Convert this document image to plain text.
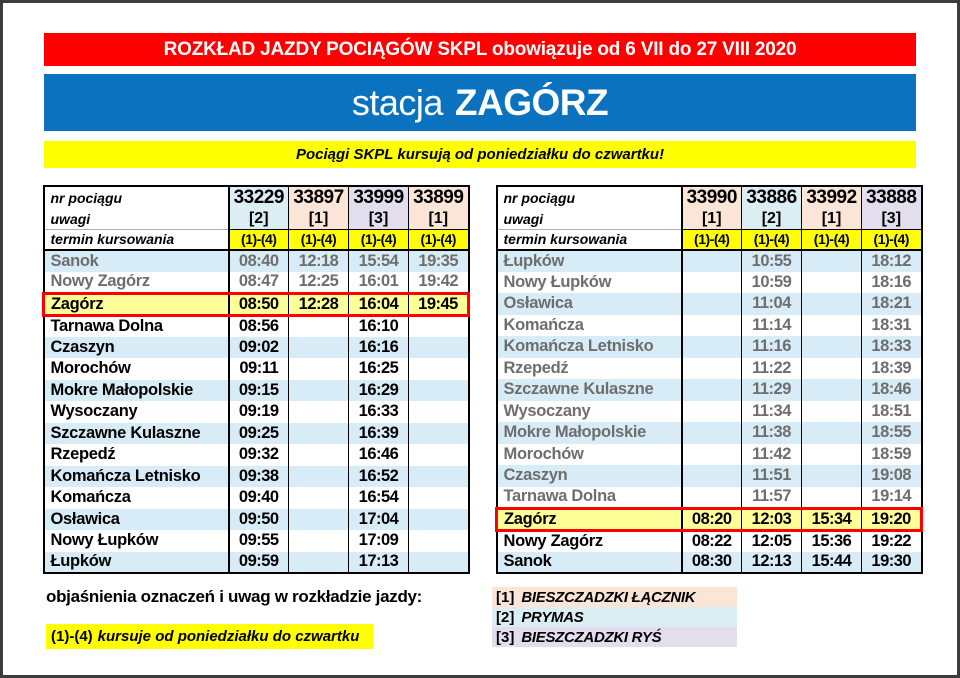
ROZKŁAD JAZDY POCIĄGÓW SKPL obowiązuje od 6 VII do 27 VIII 2020
stacja ZAGÓRZ
Pociągi SKPL kursują od poniedziałku do czwartku!
nr pociągu	33229	33897	33999	33899
uwagi	[2]	[1]	[3]	[1]
termin kursowania	(1)-(4)	(1)-(4)	(1)-(4)	(1)-(4)
Sanok	08:40	12:18	15:54	19:35
Nowy Zagórz	08:47	12:25	16:01	19:42
Zagórz	08:50	12:28	16:04	19:45
Tarnawa Dolna	08:56		16:10	
Czaszyn	09:02		16:16	
Morochów	09:11		16:25	
Mokre Małopolskie	09:15		16:29	
Wysoczany	09:19		16:33	
Szczawne Kulaszne	09:25		16:39	
Rzepedź	09:32		16:46	
Komańcza Letnisko	09:38		16:52	
Komańcza	09:40		16:54	
Osławica	09:50		17:04	
Nowy Łupków	09:55		17:09	
Łupków	09:59		17:13	
nr pociągu	33990	33886	33992	33888
uwagi	[1]	[2]	[1]	[3]
termin kursowania	(1)-(4)	(1)-(4)	(1)-(4)	(1)-(4)
Łupków		10:55		18:12
Nowy Łupków		10:59		18:16
Osławica		11:04		18:21
Komańcza		11:14		18:31
Komańcza Letnisko		11:16		18:33
Rzepedź		11:22		18:39
Szczawne Kulaszne		11:29		18:46
Wysoczany		11:34		18:51
Mokre Małopolskie		11:38		18:55
Morochów		11:42		18:59
Czaszyn		11:51		19:08
Tarnawa Dolna		11:57		19:14
Zagórz	08:20	12:03	15:34	19:20
Nowy Zagórz	08:22	12:05	15:36	19:22
Sanok	08:30	12:13	15:44	19:30
objaśnienia oznaczeń i uwag w rozkładzie jazdy:
(1)-(4) kursuje od poniedziałku do czwartku
[1] BIESZCZADZKI ŁĄCZNIK
[2] PRYMAS
[3] BIESZCZADZKI RYŚ
